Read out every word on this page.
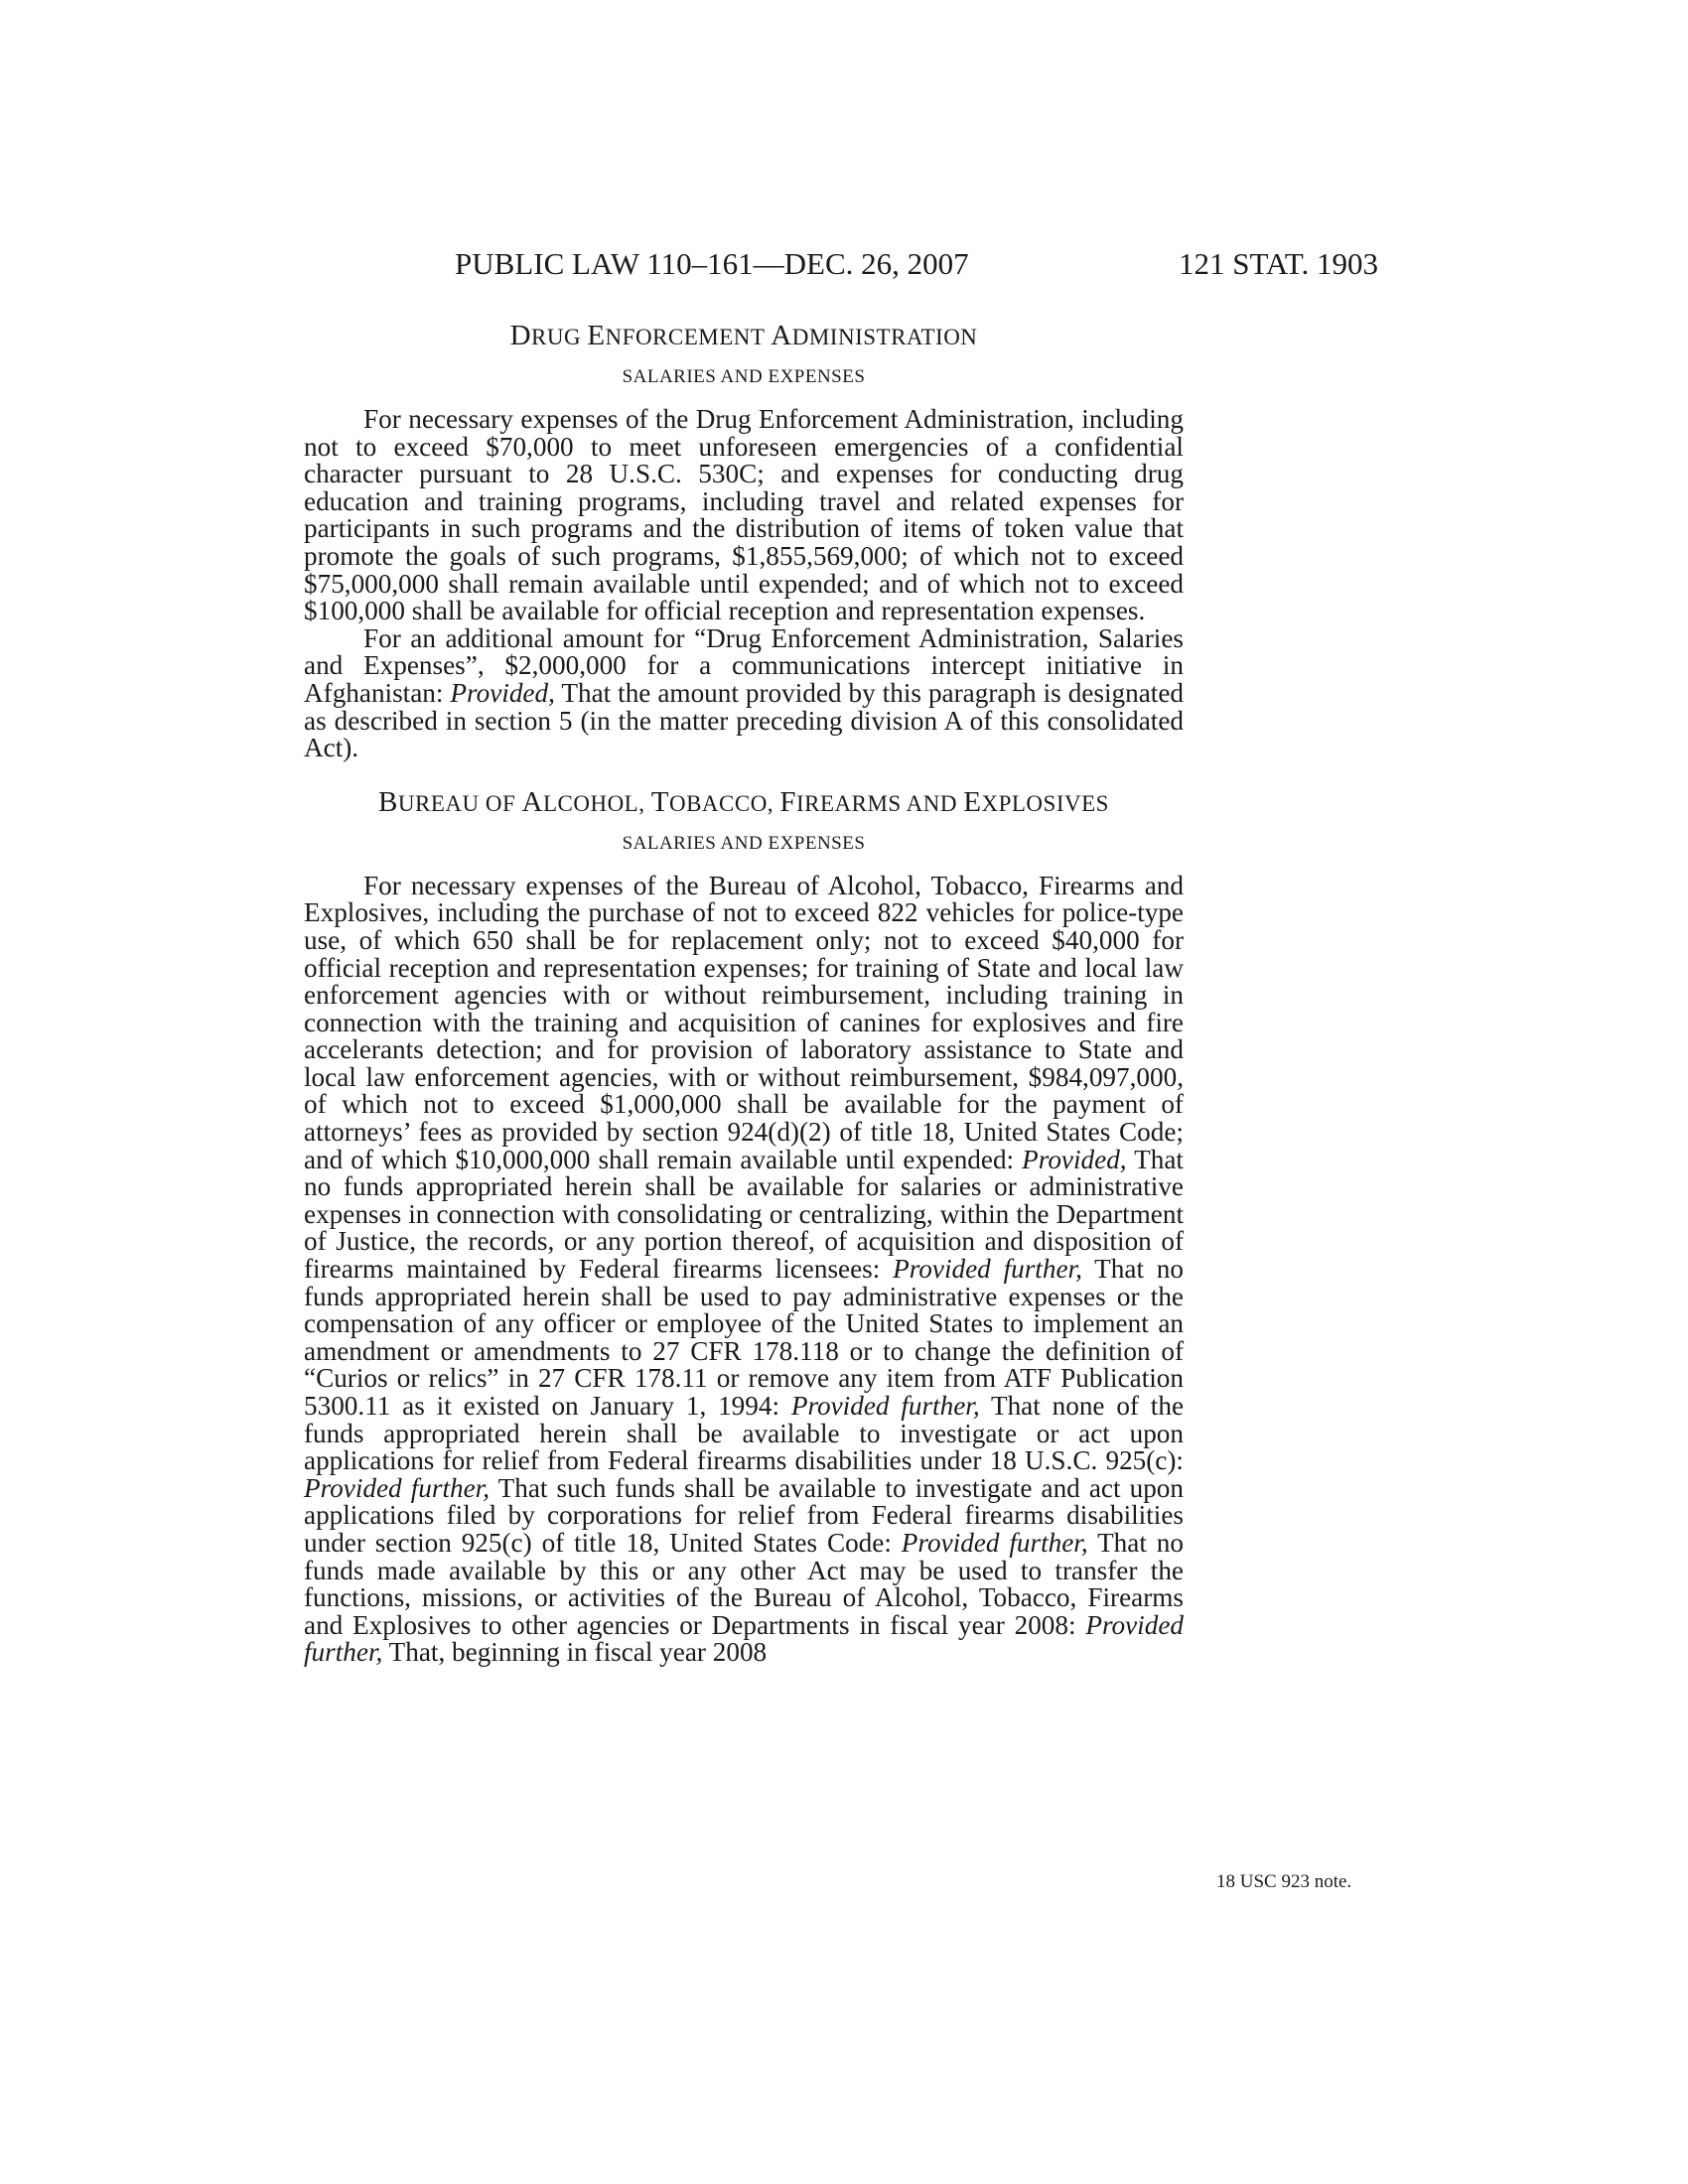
PUBLIC LAW 110–161—DEC. 26, 2007	121 STAT. 1903
DRUG ENFORCEMENT ADMINISTRATION
SALARIES AND EXPENSES

For necessary expenses of the Drug Enforcement Administration, including not to exceed $70,000 to meet unforeseen emergencies of a confidential character pursuant to 28 U.S.C. 530C; and expenses for conducting drug education and training programs, including travel and related expenses for participants in such programs and the distribution of items of token value that promote the goals of such programs, $1,855,569,000; of which not to exceed $75,000,000 shall remain available until expended; and of which not to exceed $100,000 shall be available for official reception and representation expenses.

For an additional amount for “Drug Enforcement Administration, Salaries and Expenses”, $2,000,000 for a communications intercept initiative in Afghanistan: Provided, That the amount provided by this paragraph is designated as described in section 5 (in the matter preceding division A of this consolidated Act).

BUREAU OF ALCOHOL, TOBACCO, FIREARMS AND EXPLOSIVES
SALARIES AND EXPENSES

For necessary expenses of the Bureau of Alcohol, Tobacco, Firearms and Explosives, including the purchase of not to exceed 822 vehicles for police-type use, of which 650 shall be for replacement only; not to exceed $40,000 for official reception and representation expenses; for training of State and local law enforcement agencies with or without reimbursement, including training in connection with the training and acquisition of canines for explosives and fire accelerants detection; and for provision of laboratory assistance to State and local law enforcement agencies, with or without reimbursement, $984,097,000, of which not to exceed $1,000,000 shall be available for the payment of attorneys’ fees as provided by section 924(d)(2) of title 18, United States Code; and of which $10,000,000 shall remain available until expended: Provided, That no funds appropriated herein shall be available for salaries or administrative expenses in connection with consolidating or centralizing, within the Department of Justice, the records, or any portion thereof, of acquisition and disposition of firearms maintained by Federal firearms licensees: Provided further, That no funds appropriated herein shall be used to pay administrative expenses or the compensation of any officer or employee of the United States to implement an amendment or amendments to 27 CFR 178.118 or to change the definition of “Curios or relics” in 27 CFR 178.11 or remove any item from ATF Publication 5300.11 as it existed on January 1, 1994: Provided further, That none of the funds appropriated herein shall be available to investigate or act upon applications for relief from Federal firearms disabilities under 18 U.S.C. 925(c): Provided further, That such funds shall be available to investigate and act upon applications filed by corporations for relief from Federal firearms disabilities under section 925(c) of title 18, United States Code: Provided further, That no funds made available by this or any other Act may be used to transfer the functions, missions, or activities of the Bureau of Alcohol, Tobacco, Firearms and Explosives to other agencies or Departments in fiscal year 2008: Provided further, That, beginning in fiscal year 2008

18 USC 923 note.
